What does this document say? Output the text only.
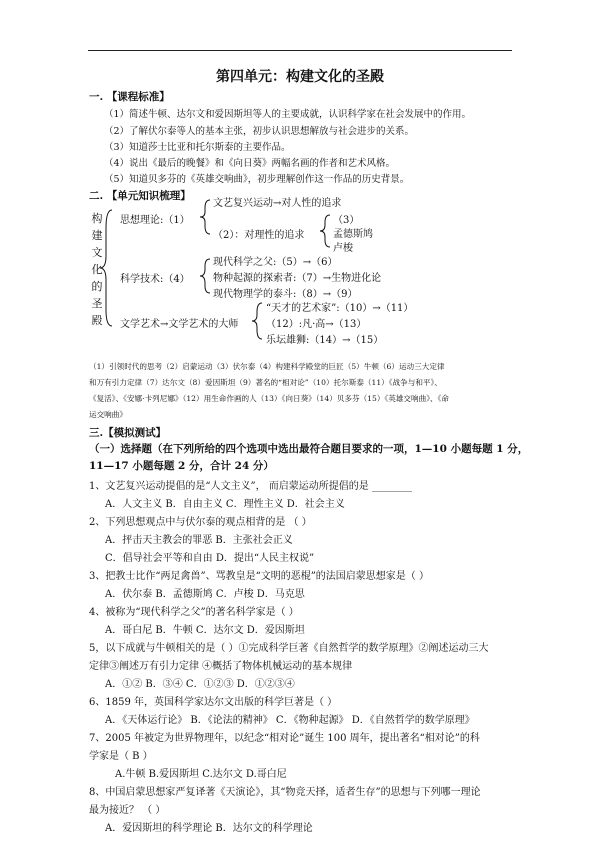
第四单元：构建文化的圣殿
一. 【课程标准】
（1）简述牛顿、达尔文和爱因斯坦等人的主要成就，认识科学家在社会发展中的作用。
（2）了解伏尔泰等人的基本主张，初步认识思想解放与社会进步的关系。
（3）知道莎士比亚和托尔斯泰的主要作品。
（4）说出《最后的晚餐》和《向日葵》两幅名画的作者和艺术风格。
（5）知道贝多芬的《英雄交响曲》，初步理解创作这一作品的历史背景。
二. 【单元知识梳理】
构
建
文
化
的
圣
殿
思想理论:（1）
文艺复兴运动→对人性的追求
（2）：对理性的追求
（3）
孟德斯鸠
卢梭
科学技术:（4）
现代科学之父:（5）→（6）
物种起源的探索者:（7）→生物进化论
现代物理学的泰斗:（8）→（9）
文学艺术→文学艺术的大师
“天才的艺术家”:（10）→（11）
（12）:凡·高→（13）
乐坛雄狮:（14）→（15）
（1）引领时代的思考（2）启蒙运动（3）伏尔泰（4）构建科学殿堂的巨匠（5）牛顿（6）运动三大定律
和万有引力定律（7）达尔文（8）爱因斯坦（9）著名的“相对论”（10）托尔斯泰（11）《战争与和平》、
《复活》、《安娜·卡列尼娜》（12）用生命作画的人（13）《向日葵》（14）贝多芬（15）《英雄交响曲》、《命
运交响曲》
三.【模拟测试】
（一）选择题（在下列所给的四个选项中选出最符合题目要求的一项，1—10 小题每题 1 分，
11—17 小题每题 2 分，合计 24 分）
1、文艺复兴运动提倡的是“人文主义”， 而启蒙运动所提倡的是 ________
A．人文主义 B．自由主义 C．理性主义 D．社会主义
2、下列思想观点中与伏尔泰的观点相背的是 （ ）
A．抨击天主教会的罪恶 B．主张社会正义
C．倡导社会平等和自由 D．提出“人民主权说”
3、把教士比作“两足禽兽”、骂教皇是“文明的恶棍”的法国启蒙思想家是（ ）
A．伏尔泰 B．孟德斯鸠 C．卢梭 D．马克思
4、被称为“现代科学之父”的著名科学家是（ ）
A．哥白尼 B．牛顿 C．达尔文 D．爱因斯坦
5，以下成就与牛顿相关的是（ ）①完成科学巨著《自然哲学的数学原理》②阐述运动三大
定律③阐述万有引力定律 ④概括了物体机械运动的基本规律
A．①② B．③④ C．①②③ D．①②③④
6、1859 年，英国科学家达尔文出版的科学巨著是（ ）
A．《天体运行论》 B．《论法的精神》 C．《物种起源》 D．《自然哲学的数学原理》
7、2005 年被定为世界物理年，以纪念“相对论”诞生 100 周年，提出著名“相对论”的科
学家是（ B ）
A.牛顿 B.爱因斯坦 C.达尔文 D.哥白尼
8、中国启蒙思想家严复译著《天演论》，其“物竞天择，适者生存”的思想与下列哪一理论
最为接近？ （ ）
A．爱因斯坦的科学理论 B．达尔文的科学理论
